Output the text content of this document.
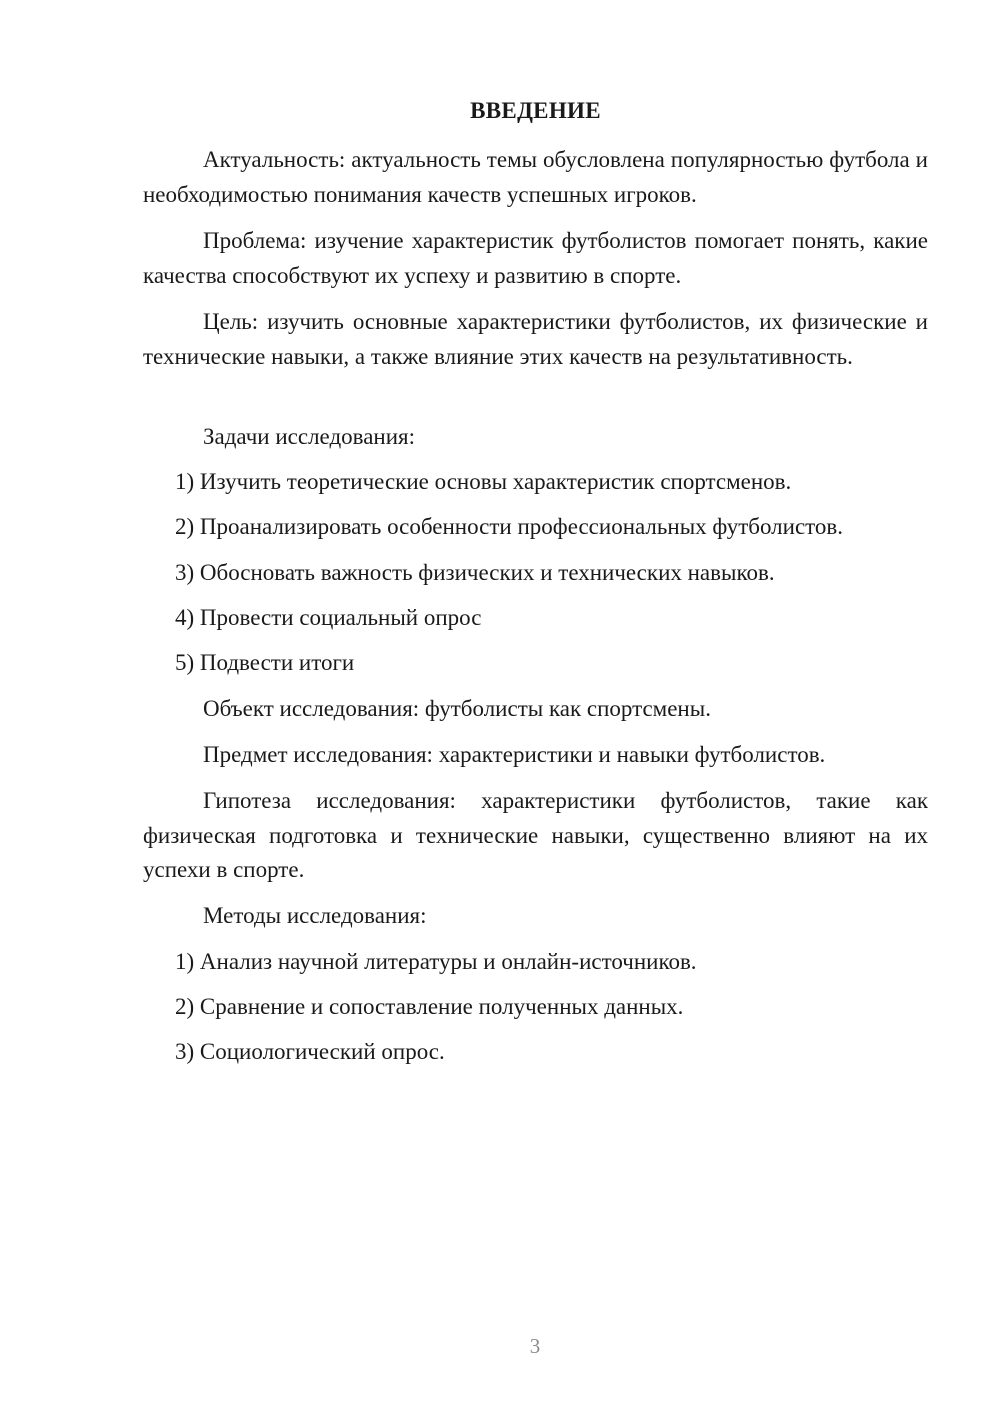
ВВЕДЕНИЕ

Актуальность: актуальность темы обусловлена популярностью футбола и необходимостью понимания качеств успешных игроков.

Проблема: изучение характеристик футболистов помогает понять, какие качества способствуют их успеху и развитию в спорте.

Цель: изучить основные характеристики футболистов, их физические и технические навыки, а также влияние этих качеств на результативность.

Задачи исследования:

1) Изучить теоретические основы характеристик спортсменов.

2) Проанализировать особенности профессиональных футболистов.

3) Обосновать важность физических и технических навыков.

4) Провести социальный опрос

5) Подвести итоги

Объект исследования: футболисты как спортсмены.

Предмет исследования: характеристики и навыки футболистов.

Гипотеза исследования: характеристики футболистов, такие как физическая подготовка и технические навыки, существенно влияют на их успехи в спорте.

Методы исследования:

1) Анализ научной литературы и онлайн-источников.

2) Сравнение и сопоставление полученных данных.

3) Социологический опрос.

3
